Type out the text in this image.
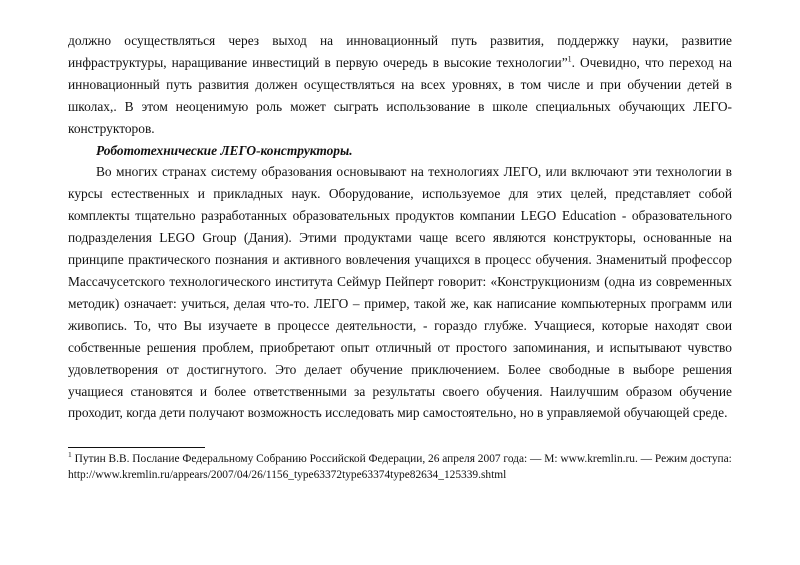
должно осуществляться через выход на инновационный путь развития, поддержку науки, развитие инфраструктуры, наращивание инвестиций в первую очередь в высокие технологии”$^1$. Очевидно, что переход на инновационный путь развития должен осуществляться на всех уровнях, в том числе и при обучении детей в школах,. В этом неоценимую роль может сыграть использование в школе специальных обучающих ЛЕГО-конструкторов.

Робототехнические ЛЕГО-конструкторы.

Во многих странах систему образования основывают на технологиях ЛЕГО, или включают эти технологии в курсы естественных и прикладных наук. Оборудование, используемое для этих целей, представляет собой комплекты тщательно разработанных образовательных продуктов компании LEGO Education - образовательного подразделения LEGO Group (Дания). Этими продуктами чаще всего являются конструкторы, основанные на принципе практического познания и активного вовлечения учащихся в процесс обучения. Знаменитый профессор Массачусетского технологического института Сеймур Пейперт говорит: «Конструкционизм (одна из современных методик) означает: учиться, делая что-то. ЛЕГО – пример, такой же, как написание компьютерных программ или живопись. То, что Вы изучаете в процессе деятельности, - гораздо глубже. Учащиеся, которые находят свои собственные решения проблем, приобретают опыт отличный от простого запоминания, и испытывают чувство удовлетворения от достигнутого. Это делает обучение приключением. Более свободные в выборе решения учащиеся становятся и более ответственными за результаты своего обучения. Наилучшим образом обучение проходит, когда дети получают возможность исследовать мир самостоятельно, но в управляемой обучающей среде.

$^1$ Путин В.В. Послание Федеральному Собранию Российской Федерации, 26 апреля 2007 года: — М: www.kremlin.ru. — Режим доступа: http://www.kremlin.ru/appears/2007/04/26/1156_type63372type63374type82634_125339.shtml
